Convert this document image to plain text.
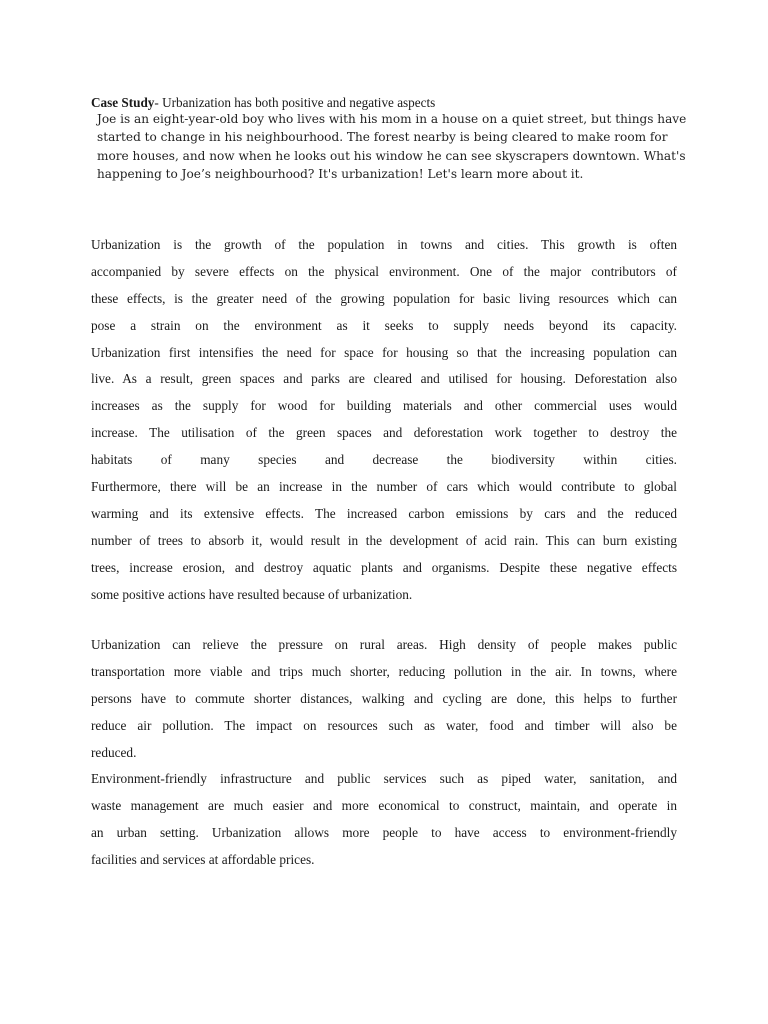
Case Study- Urbanization has both positive and negative aspects
Joe is an eight-year-old boy who lives with his mom in a house on a quiet street, but things have
started to change in his neighbourhood. The forest nearby is being cleared to make room for
more houses, and now when he looks out his window he can see skyscrapers downtown. What's
happening to Joe’s neighbourhood? It's urbanization! Let's learn more about it.
Urbanization is the growth of the population in towns and cities. This growth is often
accompanied by severe effects on the physical environment. One of the major contributors of
these effects, is the greater need of the growing population for basic living resources which can
pose a strain on the environment as it seeks to supply needs beyond its capacity.
Urbanization first intensifies the need for space for housing so that the increasing population can
live. As a result, green spaces and parks are cleared and utilised for housing. Deforestation also
increases as the supply for wood for building materials and other commercial uses would
increase. The utilisation of the green spaces and deforestation work together to destroy the
habitats of many species and decrease the biodiversity within cities.
Furthermore, there will be an increase in the number of cars which would contribute to global
warming and its extensive effects. The increased carbon emissions by cars and the reduced
number of trees to absorb it, would result in the development of acid rain. This can burn existing
trees, increase erosion, and destroy aquatic plants and organisms. Despite these negative effects
some positive actions have resulted because of urbanization.
Urbanization can relieve the pressure on rural areas. High density of people makes public
transportation more viable and trips much shorter, reducing pollution in the air. In towns, where
persons have to commute shorter distances, walking and cycling are done, this helps to further
reduce air pollution. The impact on resources such as water, food and timber will also be
reduced.
Environment-friendly infrastructure and public services such as piped water, sanitation, and
waste management are much easier and more economical to construct, maintain, and operate in
an urban setting. Urbanization allows more people to have access to environment-friendly
facilities and services at affordable prices.
